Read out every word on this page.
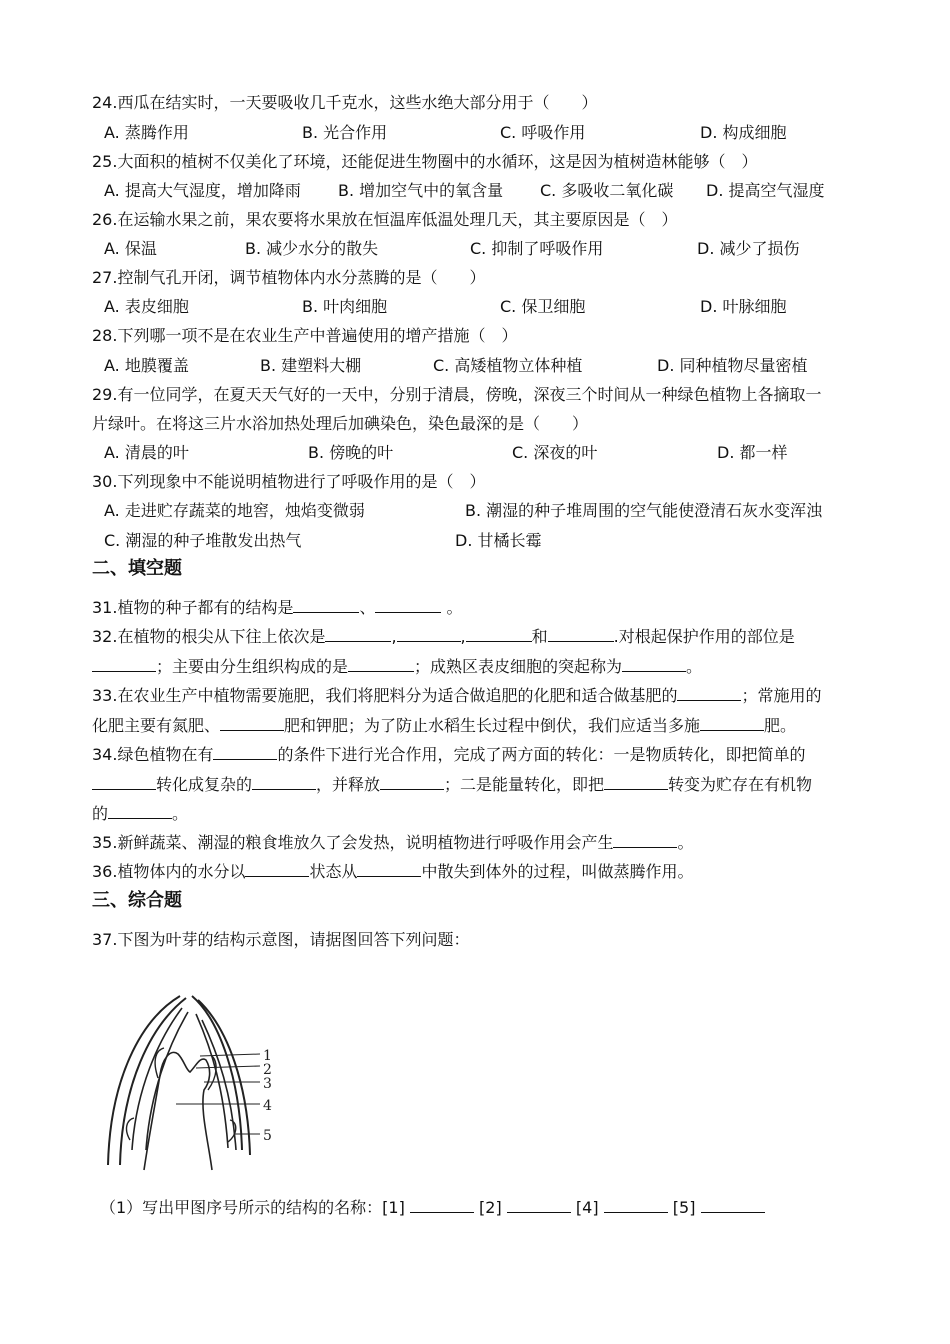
24.西瓜在结实时，一天要吸收几千克水，这些水绝大部分用于（　　）
A. 蒸腾作用	B. 光合作用	C. 呼吸作用	D. 构成细胞
25.大面积的植树不仅美化了环境，还能促进生物圈中的水循环，这是因为植树造林能够（　）
A. 提高大气湿度，增加降雨 B. 增加空气中的氧含量 C. 多吸收二氧化碳 D. 提高空气湿度
26.在运输水果之前，果农要将水果放在恒温库低温处理几天，其主要原因是（　）
A. 保温	B. 减少水分的散失	C. 抑制了呼吸作用	D. 减少了损伤
27.控制气孔开闭，调节植物体内水分蒸腾的是（　　）
A. 表皮细胞	B. 叶肉细胞	C. 保卫细胞	D. 叶脉细胞
28.下列哪一项不是在农业生产中普遍使用的增产措施（　）
A. 地膜覆盖	B. 建塑料大棚	C. 高矮植物立体种植	D. 同种植物尽量密植
29.有一位同学，在夏天天气好的一天中，分别于清晨，傍晚，深夜三个时间从一种绿色植物上各摘取一
片绿叶。在将这三片水浴加热处理后加碘染色，染色最深的是（　　）
A. 清晨的叶	B. 傍晚的叶	C. 深夜的叶	D. 都一样
30.下列现象中不能说明植物进行了呼吸作用的是（　）
A. 走进贮存蔬菜的地窖，烛焰变微弱	B. 潮湿的种子堆周围的空气能使澄清石灰水变浑浊
C. 潮湿的种子堆散发出热气	D. 甘橘长霉
二、填空题
31.植物的种子都有的结构是	、	。
32.在植物的根尖从下往上依次是	,	,	和	.对根起保护作用的部位是
；主要由分生组织构成的是	；成熟区表皮细胞的突起称为	。
33.在农业生产中植物需要施肥，我们将肥料分为适合做追肥的化肥和适合做基肥的	；常施用的
化肥主要有氮肥、	肥和钾肥；为了防止水稻生长过程中倒伏，我们应适当多施	肥。
34.绿色植物在有	的条件下进行光合作用，完成了两方面的转化：一是物质转化，即把简单的
转化成复杂的	，并释放	；二是能量转化，即把	转变为贮存在有机物
的	。
35.新鲜蔬菜、潮湿的粮食堆放久了会发热，说明植物进行呼吸作用会产生	。
36.植物体内的水分以	状态从	中散失到体外的过程，叫做蒸腾作用。
三、综合题
37.下图为叶芽的结构示意图，请据图回答下列问题：
1
2
3
4
5
（1）写出甲图序号所示的结构的名称：[1]	[2]	[4]	[5]
